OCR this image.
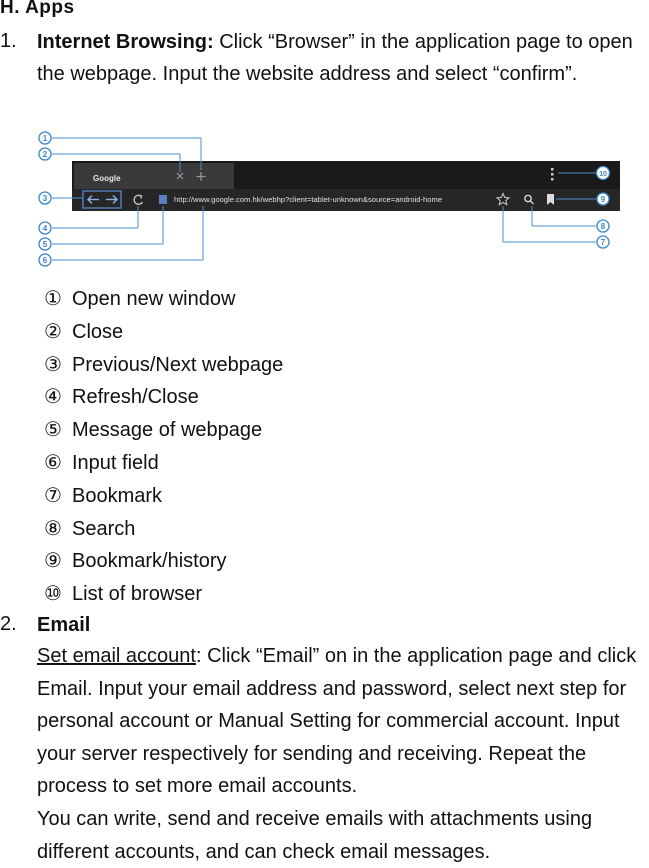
H. Apps
1. Internet Browsing: Click “Browser” in the application page to open the webpage. Input the website address and select “confirm”.
Google
http://www.google.com.hk/webhp?client=tablet-unknown&source=android-home
1
2
3
4
5
6
7
8
9
10
① Open new window
② Close
③ Previous/Next webpage
④ Refresh/Close
⑤ Message of webpage
⑥ Input field
⑦ Bookmark
⑧ Search
⑨ Bookmark/history
⑩ List of browser
2. Email
Set email account: Click “Email” on in the application page and click Email. Input your email address and password, select next step for personal account or Manual Setting for commercial account. Input your server respectively for sending and receiving. Repeat the process to set more email accounts.
You can write, send and receive emails with attachments using different accounts, and can check email messages.
